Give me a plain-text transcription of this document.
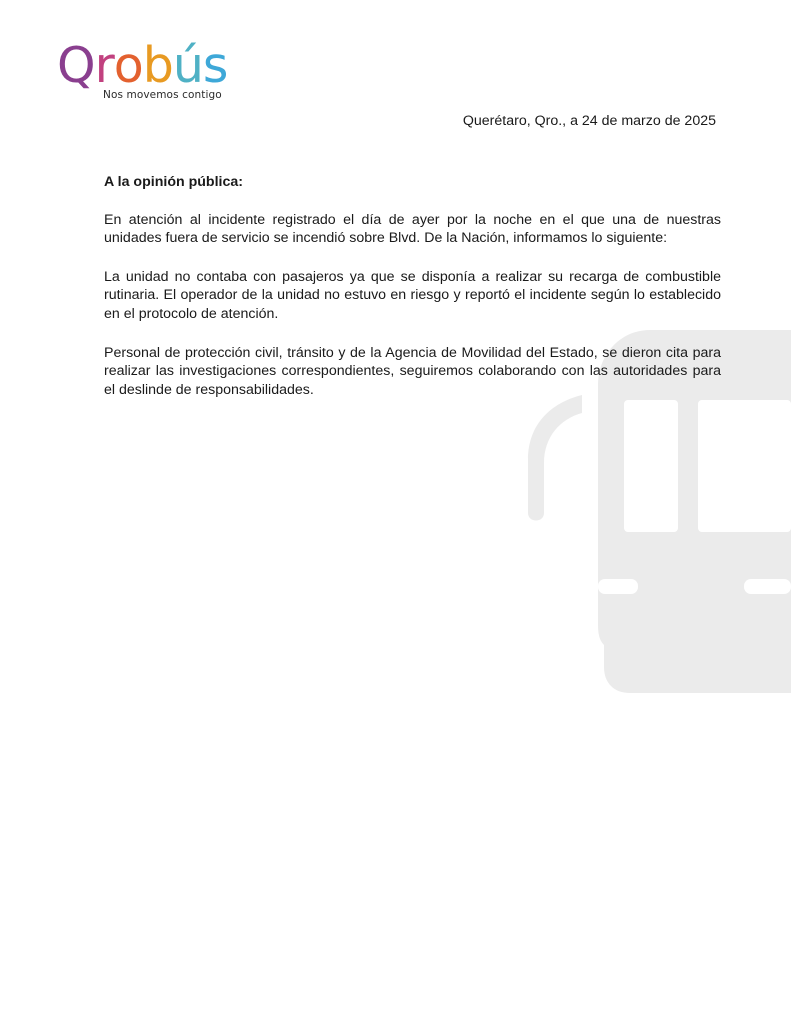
Qrobús
Nos movemos contigo
Querétaro, Qro., a 24 de marzo de 2025

A la opinión pública:

En atención al incidente registrado el día de ayer por la noche en el que una de nuestras unidades fuera de servicio se incendió sobre Blvd. De la Nación, informamos lo siguiente:

La unidad no contaba con pasajeros ya que se disponía a realizar su recarga de combustible rutinaria. El operador de la unidad no estuvo en riesgo y reportó el incidente según lo establecido en el protocolo de atención.

Personal de protección civil, tránsito y de la Agencia de Movilidad del Estado, se dieron cita para realizar las investigaciones correspondientes, seguiremos colaborando con las autoridades para el deslinde de responsabilidades.
